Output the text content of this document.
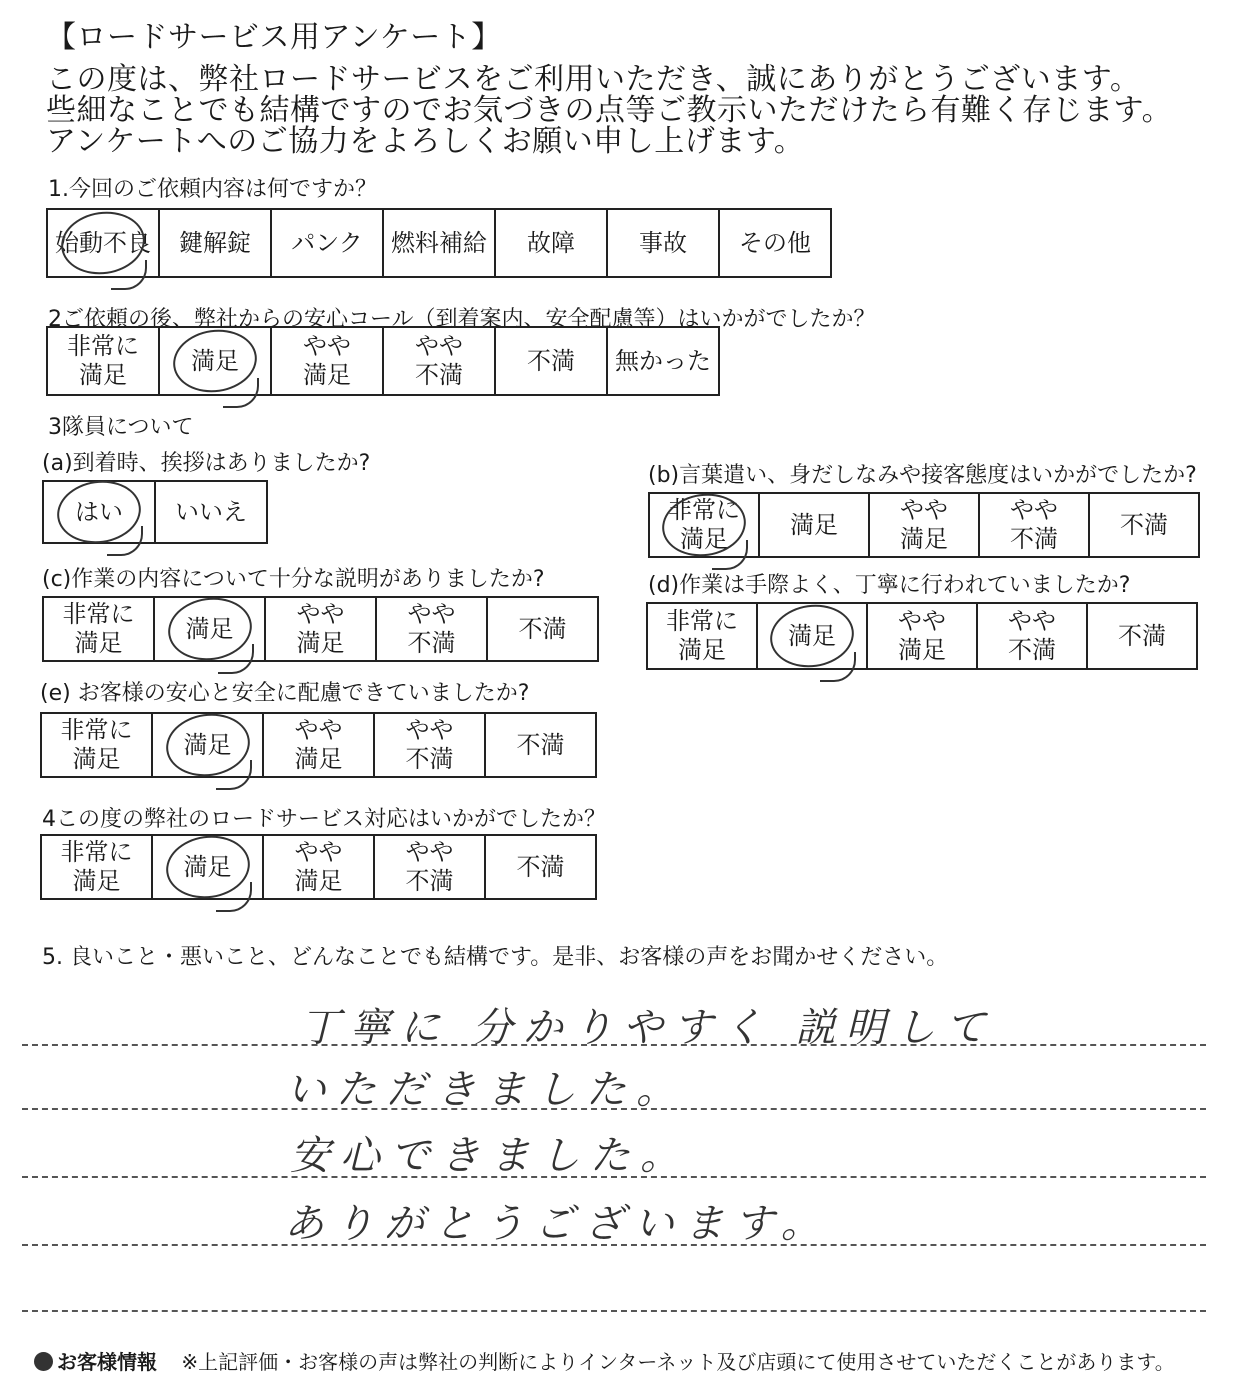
【ロードサービス用アンケート】
この度は、弊社ロードサービスをご利用いただき、誠にありがとうございます。
些細なことでも結構ですのでお気づきの点等ご教示いただけたら有難く存じます。
アンケートへのご協力をよろしくお願い申し上げます。
1.今回のご依頼内容は何ですか？
始動不良 鍵解錠 パンク 燃料補給 故障	事故 その他
2ご依頼の後、弊社からの安心コール（到着案内、安全配慮等）はいかがでしたか？
非常に
満足
満足
やや
満足
やや
不満
不満 無かった
3隊員について
(a)到着時、挨拶はありましたか?
はい いいえ
(b)言葉遣い、身だしなみや接客態度はいかがでしたか?
非常に
満足
満足
やや
満足
やや
不満
不満
(c)作業の内容について十分な説明がありましたか?
非常に
満足
満足
やや
満足
やや
不満
不満
(d)作業は手際よく、丁寧に行われていましたか?
非常に
満足
満足
やや
満足
やや
不満
不満
(e) お客様の安心と安全に配慮できていましたか?
非常に
満足
満足
やや
満足
やや
不満
不満
4この度の弊社のロードサービス対応はいかがでしたか？
非常に
満足
満足
やや
満足
やや
不満
不満
5. 良いこと・悪いこと、どんなことでも結構です。是非、お客様の声をお聞かせください。
丁寧に 分かりやすく 説明して
いただきました。
安心できました。
ありがとうございます。
お客様情報 ※上記評価・お客様の声は弊社の判断によりインターネット及び店頭にて使用させていただくことがあります。
